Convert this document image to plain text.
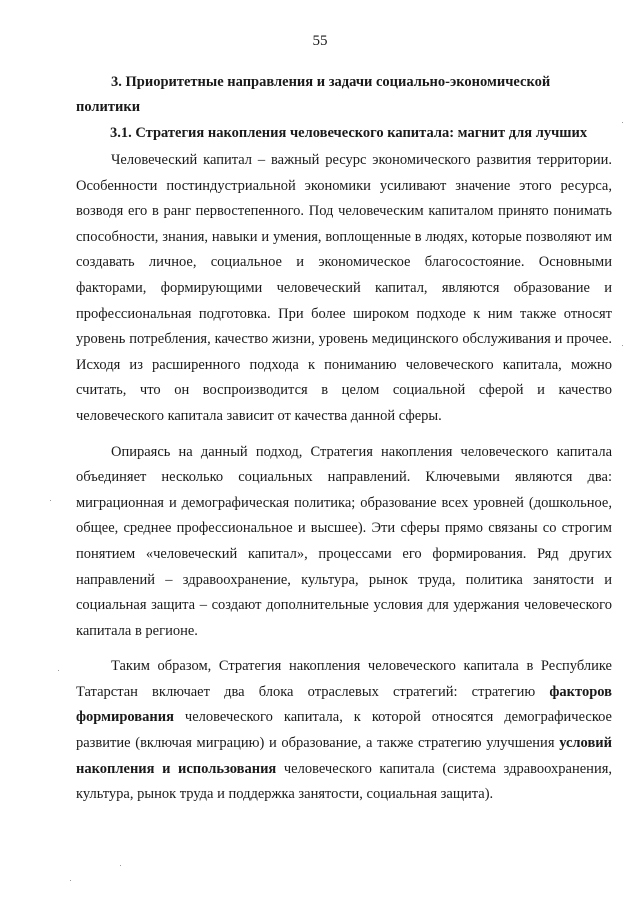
55
3. Приоритетные направления и задачи социально-экономической политики
3.1. Стратегия накопления человеческого капитала: магнит для лучших

Человеческий капитал – важный ресурс экономического развития территории. Особенности постиндустриальной экономики усиливают значение этого ресурса, возводя его в ранг первостепенного. Под человеческим капиталом принято понимать способности, знания, навыки и умения, воплощенные в людях, которые позволяют им создавать личное, социальное и экономическое благосостояние. Основными факторами, формирующими человеческий капитал, являются образование и профессиональная подготовка. При более широком подходе к ним также относят уровень потребления, качество жизни, уровень медицинского обслуживания и прочее. Исходя из расширенного подхода к пониманию человеческого капитала, можно считать, что он воспроизводится в целом социальной сферой и качество человеческого капитала зависит от качества данной сферы.

Опираясь на данный подход, Стратегия накопления человеческого капитала объединяет несколько социальных направлений. Ключевыми являются два: миграционная и демографическая политика; образование всех уровней (дошкольное, общее, среднее профессиональное и высшее). Эти сферы прямо связаны со строгим понятием «человеческий капитал», процессами его формирования. Ряд других направлений – здравоохранение, культура, рынок труда, политика занятости и социальная защита – создают дополнительные условия для удержания человеческого капитала в регионе.

Таким образом, Стратегия накопления человеческого капитала в Республике Татарстан включает два блока отраслевых стратегий: стратегию факторов формирования человеческого капитала, к которой относятся демографическое развитие (включая миграцию) и образование, а также стратегию улучшения условий накопления и использования человеческого капитала (система здравоохранения, культура, рынок труда и поддержка занятости, социальная защита).
